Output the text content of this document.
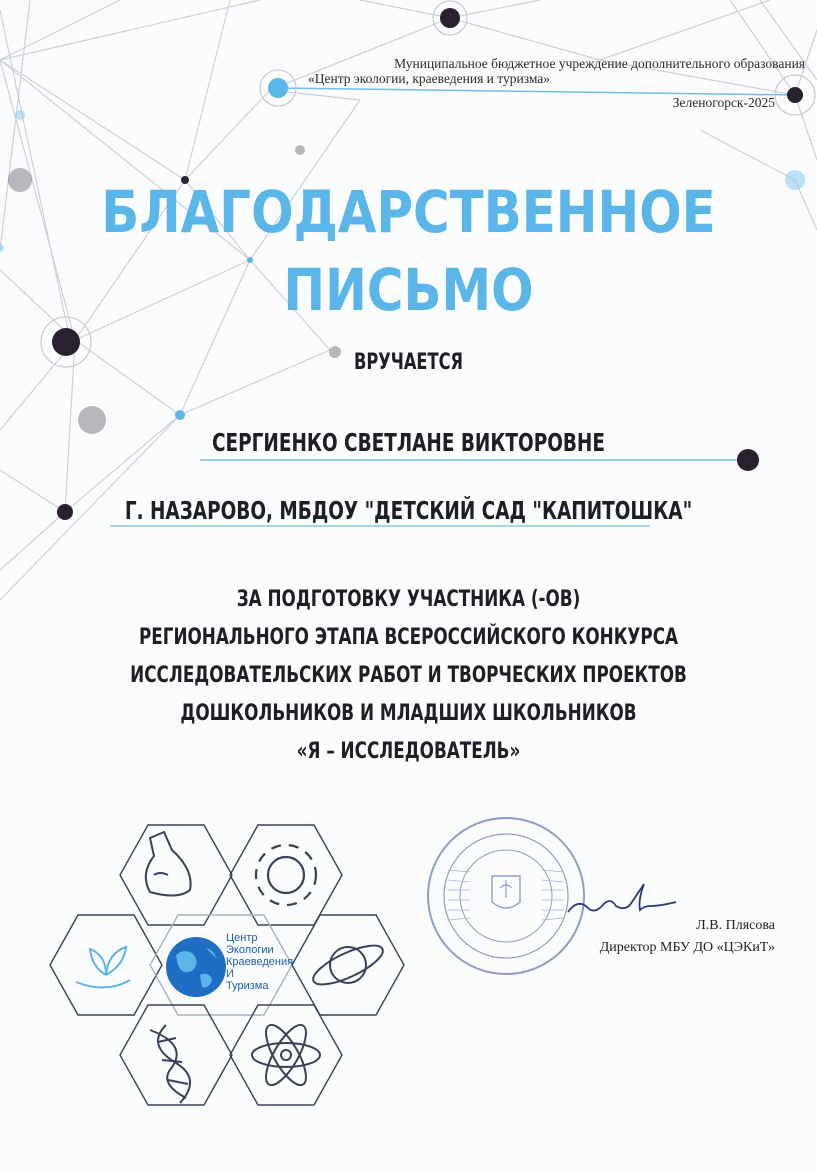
Муниципальное бюджетное учреждение дополнительного образования
«Центр экологии, краеведения и туризма»
Зеленогорск-2025
БЛАГОДАРСТВЕННОЕ
ПИСЬМО
ВРУЧАЕТСЯ
СЕРГИЕНКО СВЕТЛАНЕ ВИКТОРОВНЕ
Г. НАЗАРОВО, МБДОУ "ДЕТСКИЙ САД "КАПИТОШКА"
ЗА ПОДГОТОВКУ УЧАСТНИКА (-ОВ)
РЕГИОНАЛЬНОГО ЭТАПА ВСЕРОССИЙСКОГО КОНКУРСА
ИССЛЕДОВАТЕЛЬСКИХ РАБОТ И ТВОРЧЕСКИХ ПРОЕКТОВ
ДОШКОЛЬНИКОВ И МЛАДШИХ ШКОЛЬНИКОВ
«Я – ИССЛЕДОВАТЕЛЬ»
Центр
Экологии
Краеведения
И
Туризма
Л.В. Плясова
Директор МБУ ДО «ЦЭКиТ»
